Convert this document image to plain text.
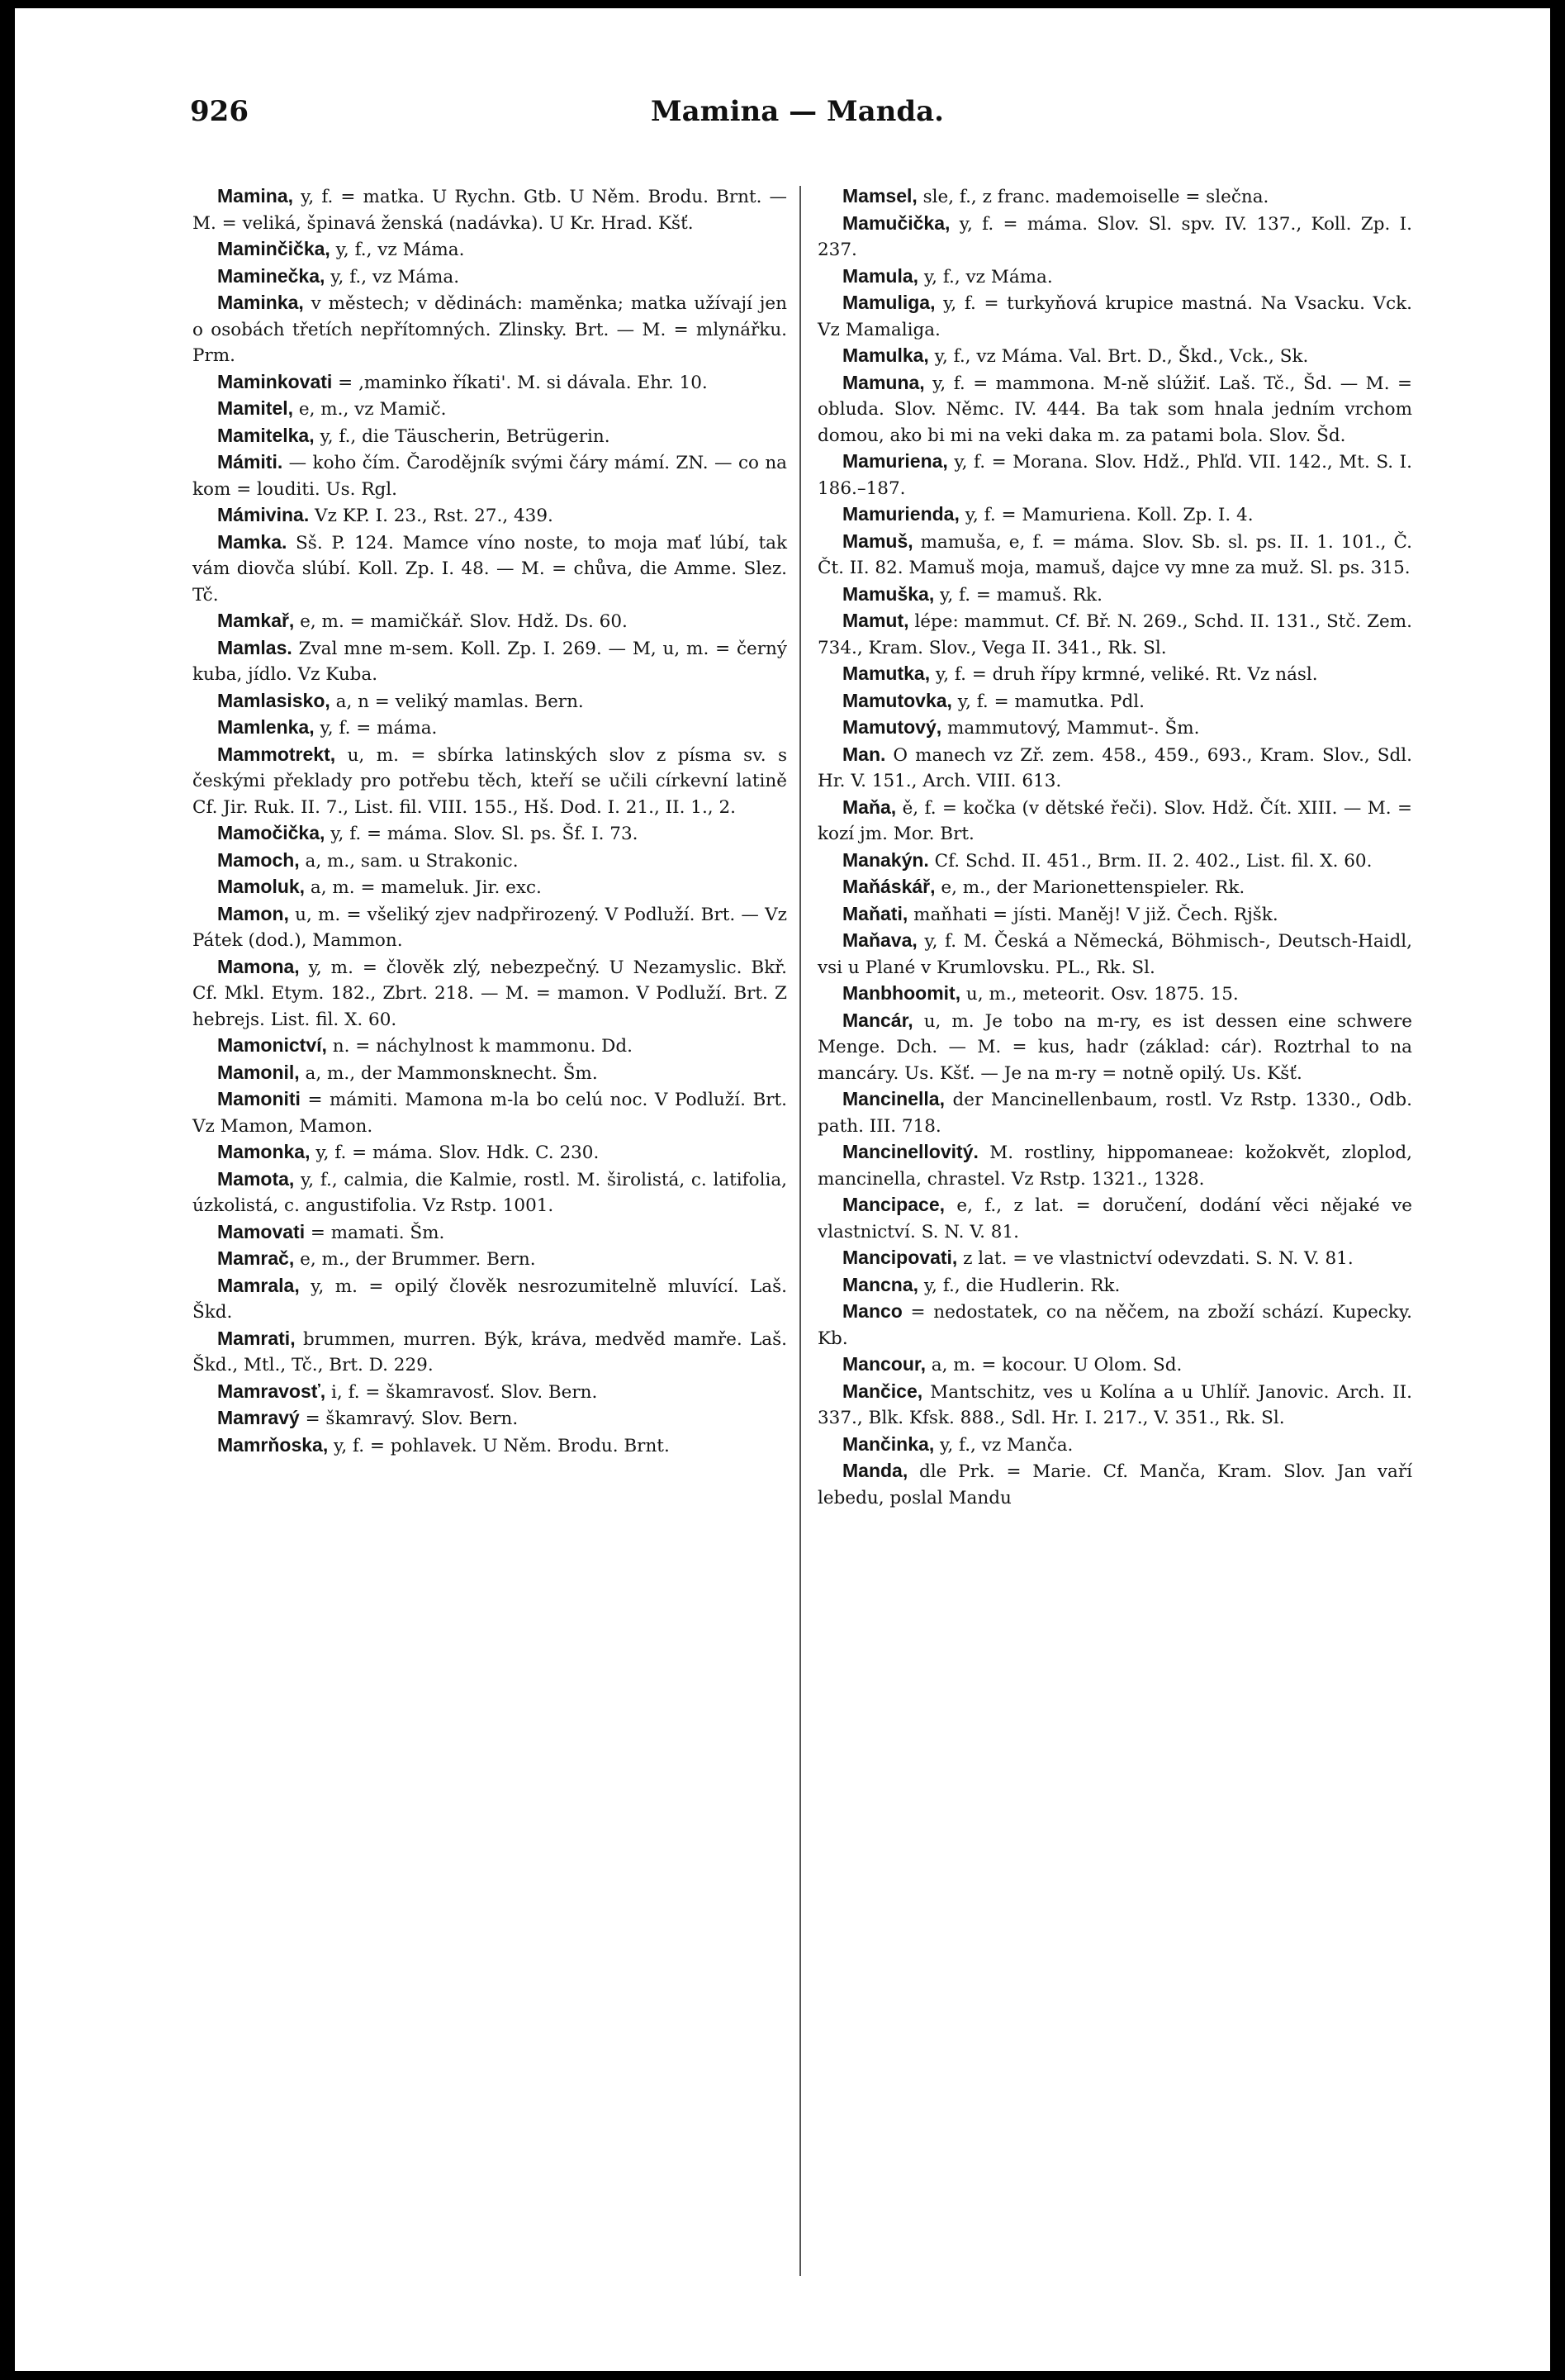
926	Mamina — Manda.

Mamina, y, f. = matka. U Rychn. Gtb. U Něm. Brodu. Brnt. — M. = veliká, špinavá ženská (nadávka). U Kr. Hrad. Kšť.

Maminčička, y, f., vz Máma.

Maminečka, y, f., vz Máma.

Maminka, v městech; v dědinách: maměnka; matka užívají jen o osobách třetích nepřítomných. Zlinsky. Brt. — M. = mlynářku. Prm.

Maminkovati = ‚maminko říkati'. M. si dávala. Ehr. 10.

Mamitel, e, m., vz Mamič.

Mamitelka, y, f., die Täuscherin, Betrügerin.

Mámiti. — koho čím. Čarodějník svými čáry mámí. ZN. — co na kom = louditi. Us. Rgl.

Mámivina. Vz KP. I. 23., Rst. 27., 439.

Mamka. Sš. P. 124. Mamce víno noste, to moja mať lúbí, tak vám diovča slúbí. Koll. Zp. I. 48. — M. = chůva, die Amme. Slez. Tč.

Mamkař, e, m. = mamičkář. Slov. Hdž. Ds. 60.

Mamlas. Zval mne m-sem. Koll. Zp. I. 269. — M, u, m. = černý kuba, jídlo. Vz Kuba.

Mamlasisko, a, n = veliký mamlas. Bern.

Mamlenka, y, f. = máma.

Mammotrekt, u, m. = sbírka latinských slov z písma sv. s českými překlady pro potřebu těch, kteří se učili církevní latině Cf. Jir. Ruk. II. 7., List. fil. VIII. 155., Hš. Dod. I. 21., II. 1., 2.

Mamočička, y, f. = máma. Slov. Sl. ps. Šf. I. 73.

Mamoch, a, m., sam. u Strakonic.

Mamoluk, a, m. = mameluk. Jir. exc.

Mamon, u, m. = všeliký zjev nadpřirozený. V Podluží. Brt. — Vz Pátek (dod.), Mammon.

Mamona, y, m. = člověk zlý, nebezpečný. U Nezamyslic. Bkř. Cf. Mkl. Etym. 182., Zbrt. 218. — M. = mamon. V Podluží. Brt. Z hebrejs. List. fil. X. 60.

Mamonictví, n. = náchylnost k mammonu. Dd.

Mamonil, a, m., der Mammonsknecht. Šm.

Mamoniti = mámiti. Mamona m-la bo celú noc. V Podluží. Brt. Vz Mamon, Mamon.

Mamonka, y, f. = máma. Slov. Hdk. C. 230.

Mamota, y, f., calmia, die Kalmie, rostl. M. širolistá, c. latifolia, úzkolistá, c. angustifolia. Vz Rstp. 1001.

Mamovati = mamati. Šm.

Mamrač, e, m., der Brummer. Bern.

Mamrala, y, m. = opilý člověk nesrozumitelně mluvící. Laš. Škd.

Mamrati, brummen, murren. Býk, kráva, medvěd mamře. Laš. Škd., Mtl., Tč., Brt. D. 229.

Mamravosť, i, f. = škamravosť. Slov. Bern.

Mamravý = škamravý. Slov. Bern.

Mamrňoska, y, f. = pohlavek. U Něm. Brodu. Brnt.

Mamsel, sle, f., z franc. mademoiselle = slečna.

Mamučička, y, f. = máma. Slov. Sl. spv. IV. 137., Koll. Zp. I. 237.

Mamula, y, f., vz Máma.

Mamuliga, y, f. = turkyňová krupice mastná. Na Vsacku. Vck. Vz Mamaliga.

Mamulka, y, f., vz Máma. Val. Brt. D., Škd., Vck., Sk.

Mamuna, y, f. = mammona. M-ně slúžiť. Laš. Tč., Šd. — M. = obluda. Slov. Němc. IV. 444. Ba tak som hnala jedním vrchom domou, ako bi mi na veki daka m. za patami bola. Slov. Šd.

Mamuriena, y, f. = Morana. Slov. Hdž., Phľd. VII. 142., Mt. S. I. 186.–187.

Mamurienda, y, f. = Mamuriena. Koll. Zp. I. 4.

Mamuš, mamuša, e, f. = máma. Slov. Sb. sl. ps. II. 1. 101., Č. Čt. II. 82. Mamuš moja, mamuš, dajce vy mne za muž. Sl. ps. 315.

Mamuška, y, f. = mamuš. Rk.

Mamut, lépe: mammut. Cf. Bř. N. 269., Schd. II. 131., Stč. Zem. 734., Kram. Slov., Vega II. 341., Rk. Sl.

Mamutka, y, f. = druh řípy krmné, veliké. Rt. Vz násl.

Mamutovka, y, f. = mamutka. Pdl.

Mamutový, mammutový, Mammut-. Šm.

Man. O manech vz Zř. zem. 458., 459., 693., Kram. Slov., Sdl. Hr. V. 151., Arch. VIII. 613.

Maňa, ě, f. = kočka (v dětské řeči). Slov. Hdž. Čít. XIII. — M. = kozí jm. Mor. Brt.

Manakýn. Cf. Schd. II. 451., Brm. II. 2. 402., List. fil. X. 60.

Maňáskář, e, m., der Marionettenspieler. Rk.

Maňati, maňhati = jísti. Maněj! V již. Čech. Rjšk.

Maňava, y, f. M. Česká a Německá, Böhmisch-, Deutsch-Haidl, vsi u Plané v Krumlovsku. PL., Rk. Sl.

Manbhoomit, u, m., meteorit. Osv. 1875. 15.

Mancár, u, m. Je tobo na m-ry, es ist dessen eine schwere Menge. Dch. — M. = kus, hadr (základ: cár). Roztrhal to na mancáry. Us. Kšť. — Je na m-ry = notně opilý. Us. Kšť.

Mancinella, der Mancinellenbaum, rostl. Vz Rstp. 1330., Odb. path. III. 718.

Mancinellovitý. M. rostliny, hippomaneae: kožokvět, zloplod, mancinella, chrastel. Vz Rstp. 1321., 1328.

Mancipace, e, f., z lat. = doručení, dodání věci nějaké ve vlastnictví. S. N. V. 81.

Mancipovati, z lat. = ve vlastnictví odevzdati. S. N. V. 81.

Mancna, y, f., die Hudlerin. Rk.

Manco = nedostatek, co na něčem, na zboží schází. Kupecky. Kb.

Mancour, a, m. = kocour. U Olom. Sd.

Mančice, Mantschitz, ves u Kolína a u Uhlíř. Janovic. Arch. II. 337., Blk. Kfsk. 888., Sdl. Hr. I. 217., V. 351., Rk. Sl.

Mančinka, y, f., vz Manča.

Manda, dle Prk. = Marie. Cf. Manča, Kram. Slov. Jan vaří lebedu, poslal Mandu
